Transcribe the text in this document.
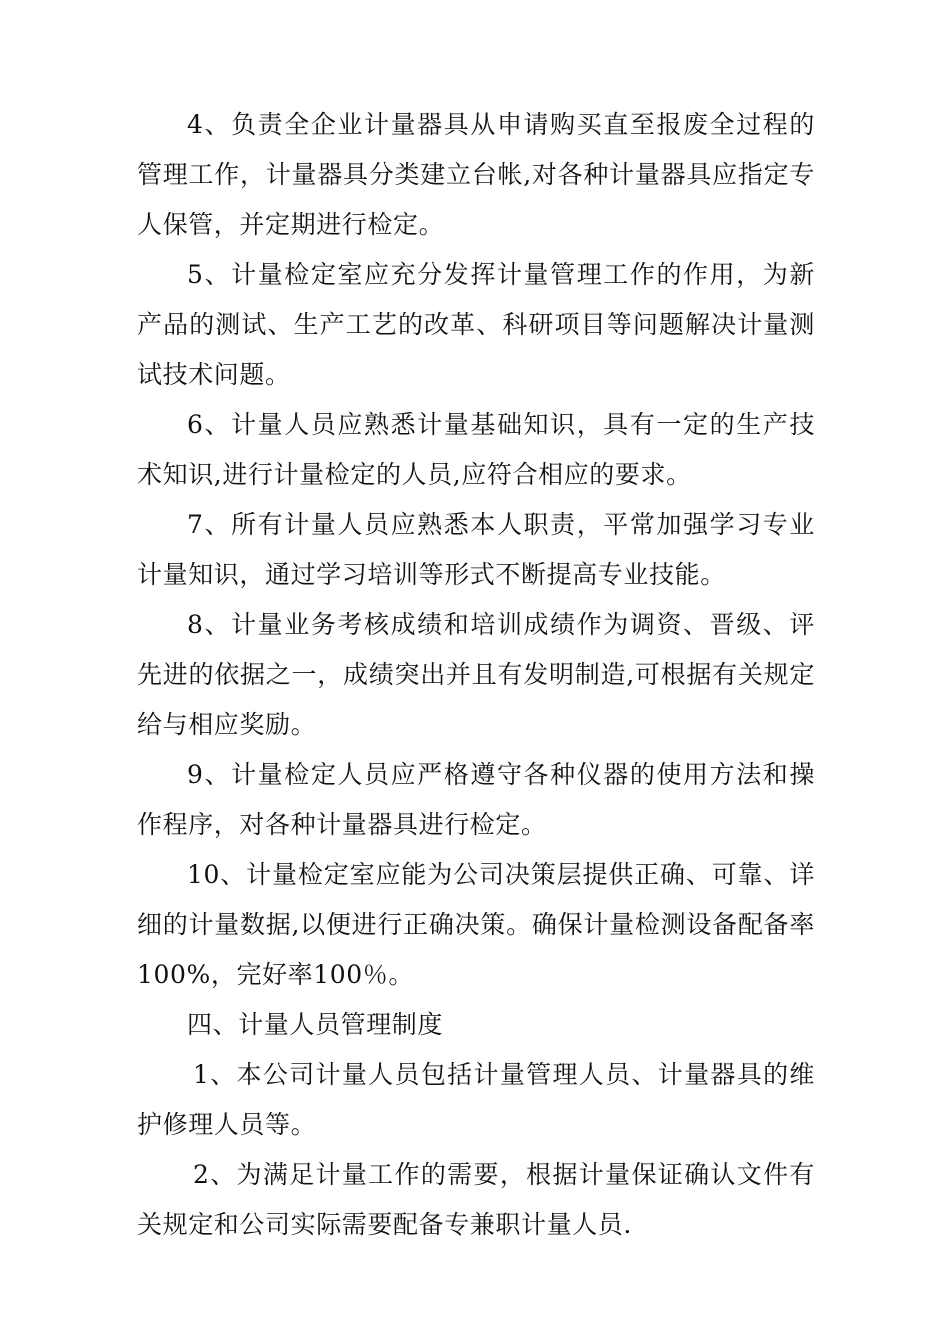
4、负责全企业计量器具从申请购买直至报废全过程的管理工作，计量器具分类建立台帐,对各种计量器具应指定专人保管，并定期进行检定。

5、计量检定室应充分发挥计量管理工作的作用，为新产品的测试、生产工艺的改革、科研项目等问题解决计量测试技术问题。

6、计量人员应熟悉计量基础知识，具有一定的生产技术知识,进行计量检定的人员,应符合相应的要求。

7、所有计量人员应熟悉本人职责，平常加强学习专业计量知识，通过学习培训等形式不断提高专业技能。

8、计量业务考核成绩和培训成绩作为调资、晋级、评先进的依据之一，成绩突出并且有发明制造,可根据有关规定给与相应奖励。

9、计量检定人员应严格遵守各种仪器的使用方法和操作程序，对各种计量器具进行检定。

10、计量检定室应能为公司决策层提供正确、可靠、详细的计量数据,以便进行正确决策。确保计量检测设备配备率100%，完好率100％。

四、计量人员管理制度

1、本公司计量人员包括计量管理人员、计量器具的维护修理人员等。

2、为满足计量工作的需要，根据计量保证确认文件有关规定和公司实际需要配备专兼职计量人员.
